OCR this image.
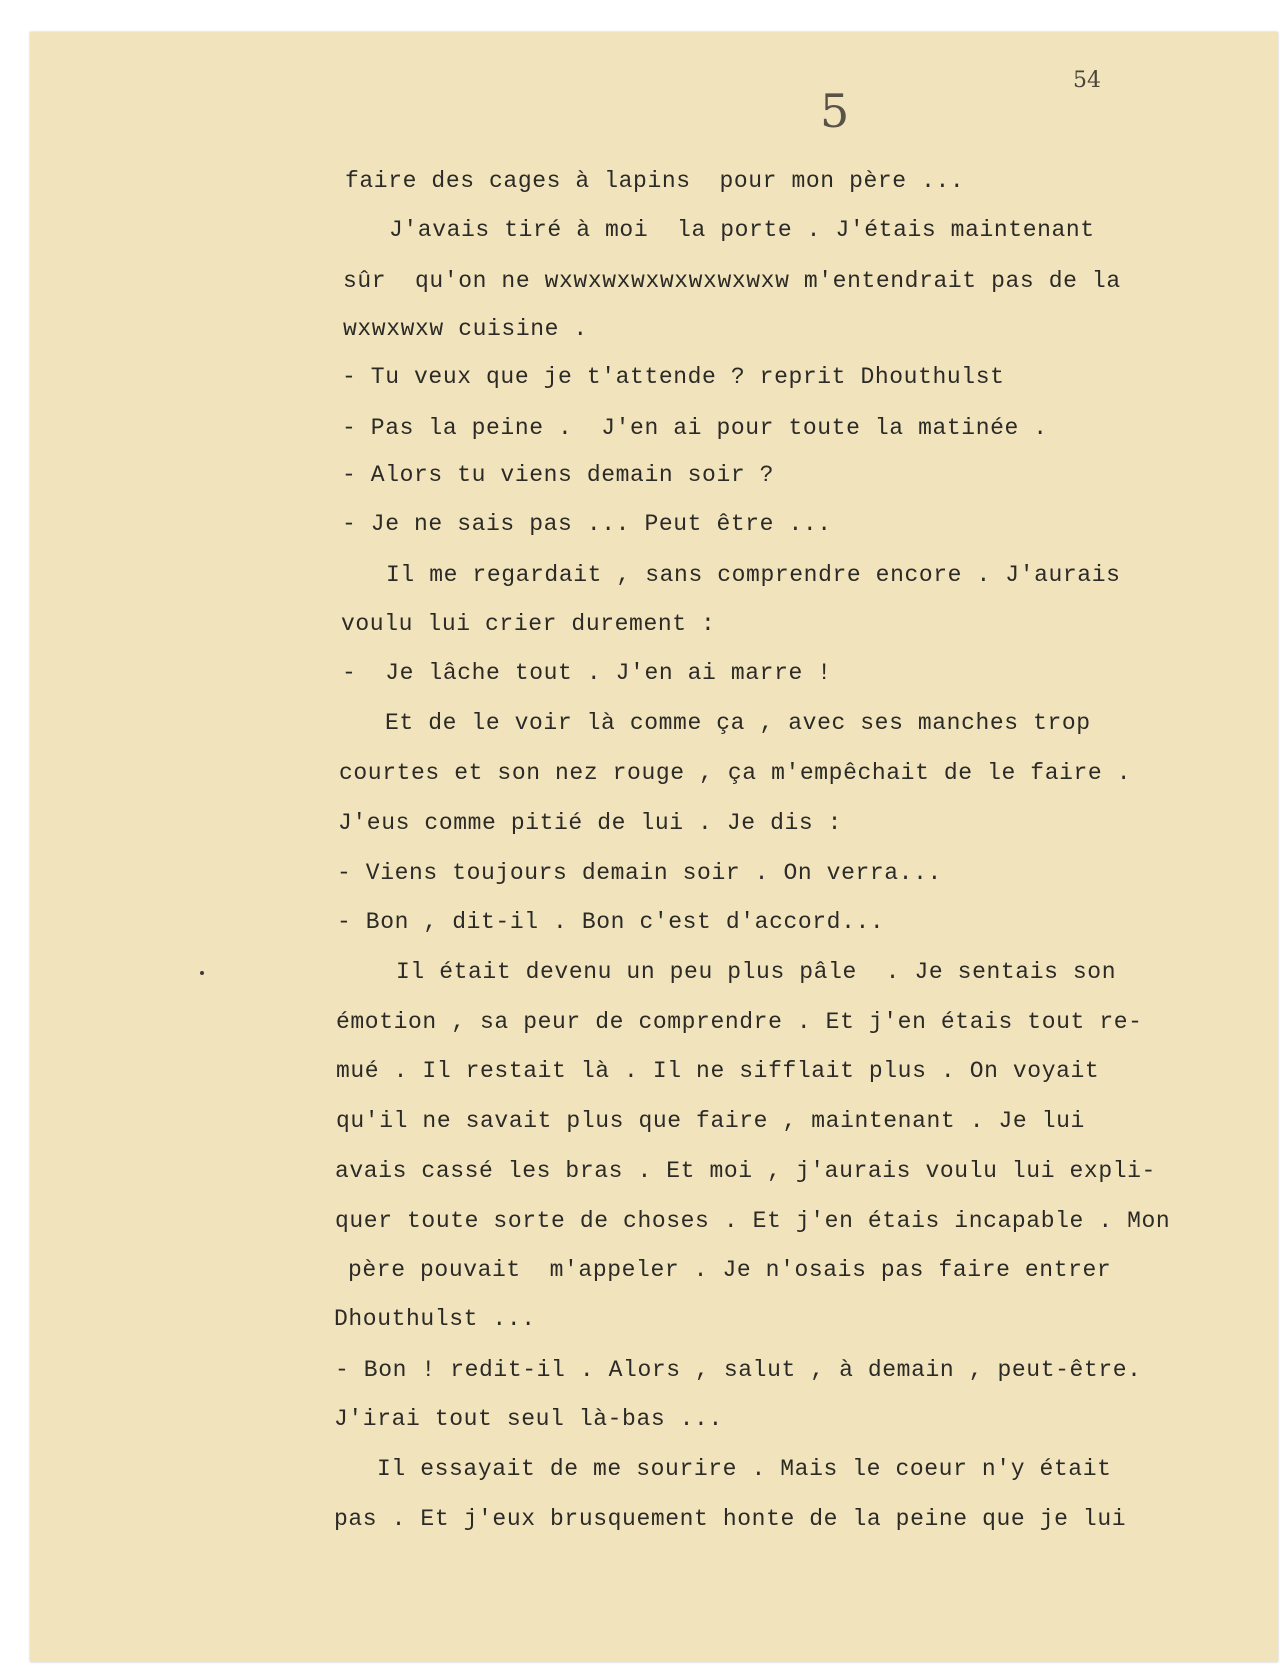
54
5
faire des cages à lapins  pour mon père ...
J'avais tiré à moi  la porte . J'étais maintenant
sûr  qu'on ne wxwxwxwxwxwxwxwxw m'entendrait pas de la
wxwxwxw cuisine .
- Tu veux que je t'attende ? reprit Dhouthulst
- Pas la peine .  J'en ai pour toute la matinée .
- Alors tu viens demain soir ?
- Je ne sais pas ... Peut être ...
Il me regardait , sans comprendre encore . J'aurais
voulu lui crier durement :
-  Je lâche tout . J'en ai marre !
Et de le voir là comme ça , avec ses manches trop
courtes et son nez rouge , ça m'empêchait de le faire .
J'eus comme pitié de lui . Je dis :
- Viens toujours demain soir . On verra...
- Bon , dit-il . Bon c'est d'accord...
Il était devenu un peu plus pâle  . Je sentais son
émotion , sa peur de comprendre . Et j'en étais tout re-
mué . Il restait là . Il ne sifflait plus . On voyait
qu'il ne savait plus que faire , maintenant . Je lui
avais cassé les bras . Et moi , j'aurais voulu lui expli-
quer toute sorte de choses . Et j'en étais incapable . Mon
père pouvait  m'appeler . Je n'osais pas faire entrer
Dhouthulst ...
- Bon ! redit-il . Alors , salut , à demain , peut-être.
J'irai tout seul là-bas ...
Il essayait de me sourire . Mais le coeur n'y était
pas . Et j'eux brusquement honte de la peine que je lui
